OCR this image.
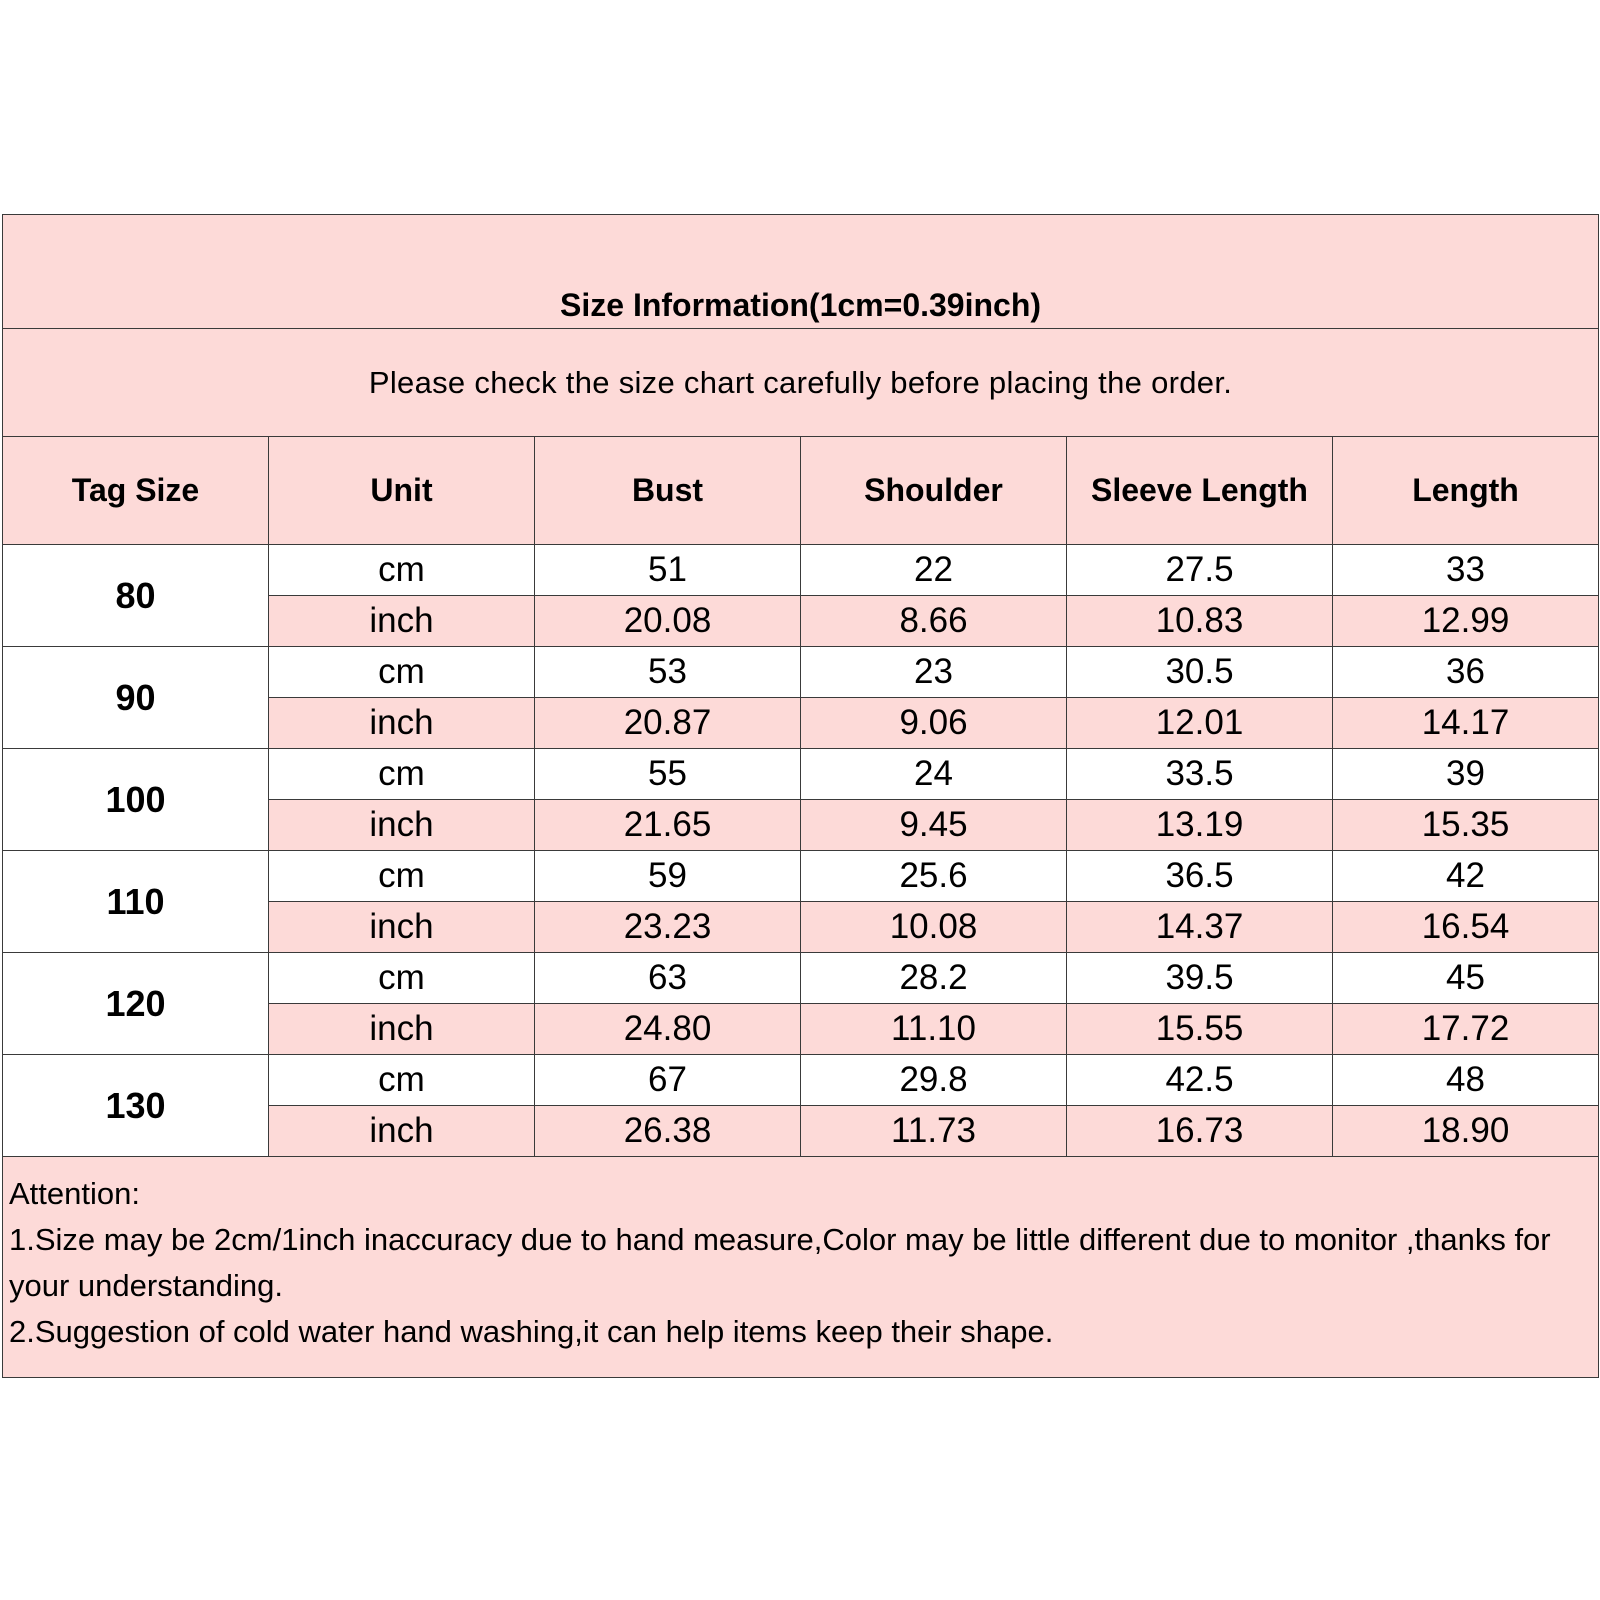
Size Information(1cm=0.39inch)					
Please check the size chart carefully before placing the order.					
Tag Size	Unit	Bust	Shoulder	Sleeve Length	Length
80	cm	51	22	27.5	33
	inch	20.08	8.66	10.83	12.99
90	cm	53	23	30.5	36
	inch	20.87	9.06	12.01	14.17
100	cm	55	24	33.5	39
	inch	21.65	9.45	13.19	15.35
110	cm	59	25.6	36.5	42
	inch	23.23	10.08	14.37	16.54
120	cm	63	28.2	39.5	45
	inch	24.80	11.10	15.55	17.72
130	cm	67	29.8	42.5	48
	inch	26.38	11.73	16.73	18.90

Attention:
1.Size may be 2cm/1inch inaccuracy due to hand measure,Color may be little different due to monitor ,thanks for your understanding.
2.Suggestion of cold water hand washing,it can help items keep their shape.					
